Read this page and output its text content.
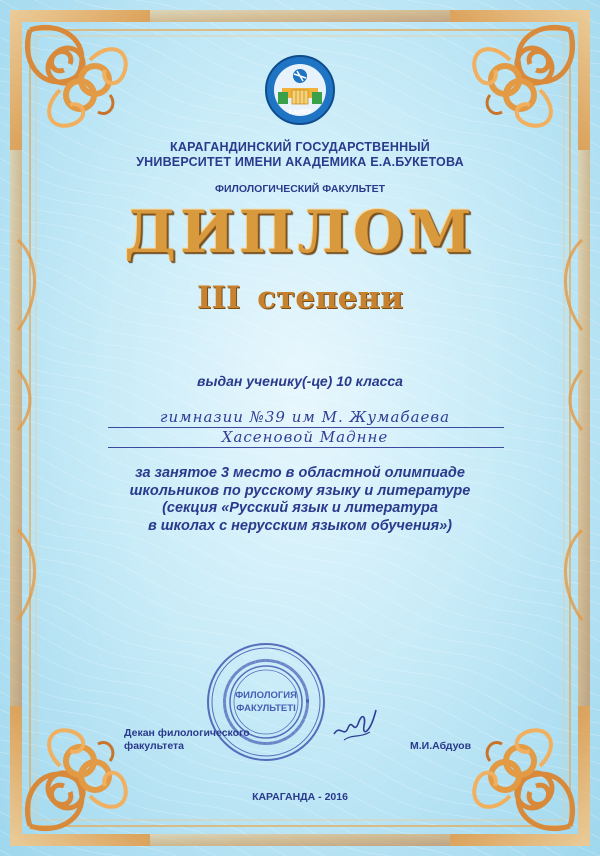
КарМУ
КАРАГАНДИНСКИЙ ГОСУДАРСТВЕННЫЙ
УНИВЕРСИТЕТ ИМЕНИ АКАДЕМИКА Е.А.БУКЕТОВА
ФИЛОЛОГИЧЕСКИЙ ФАКУЛЬТЕТ
ДИПЛОМ
III степени
выдан ученику(-це) 10 класса
гимназии №39 им М. Жумабаева
Хасеновой Маднне
за занятое 3 место в областной олимпиаде
школьников по русскому языку и литературе
(секция «Русский язык и литература
в школах с нерусским языком обучения»)
ФИЛОЛОГИЯ
ФАКУЛЬТЕТІ
Декан филологического
факультета	М.И.Абдуов
КАРАГАНДА - 2016
